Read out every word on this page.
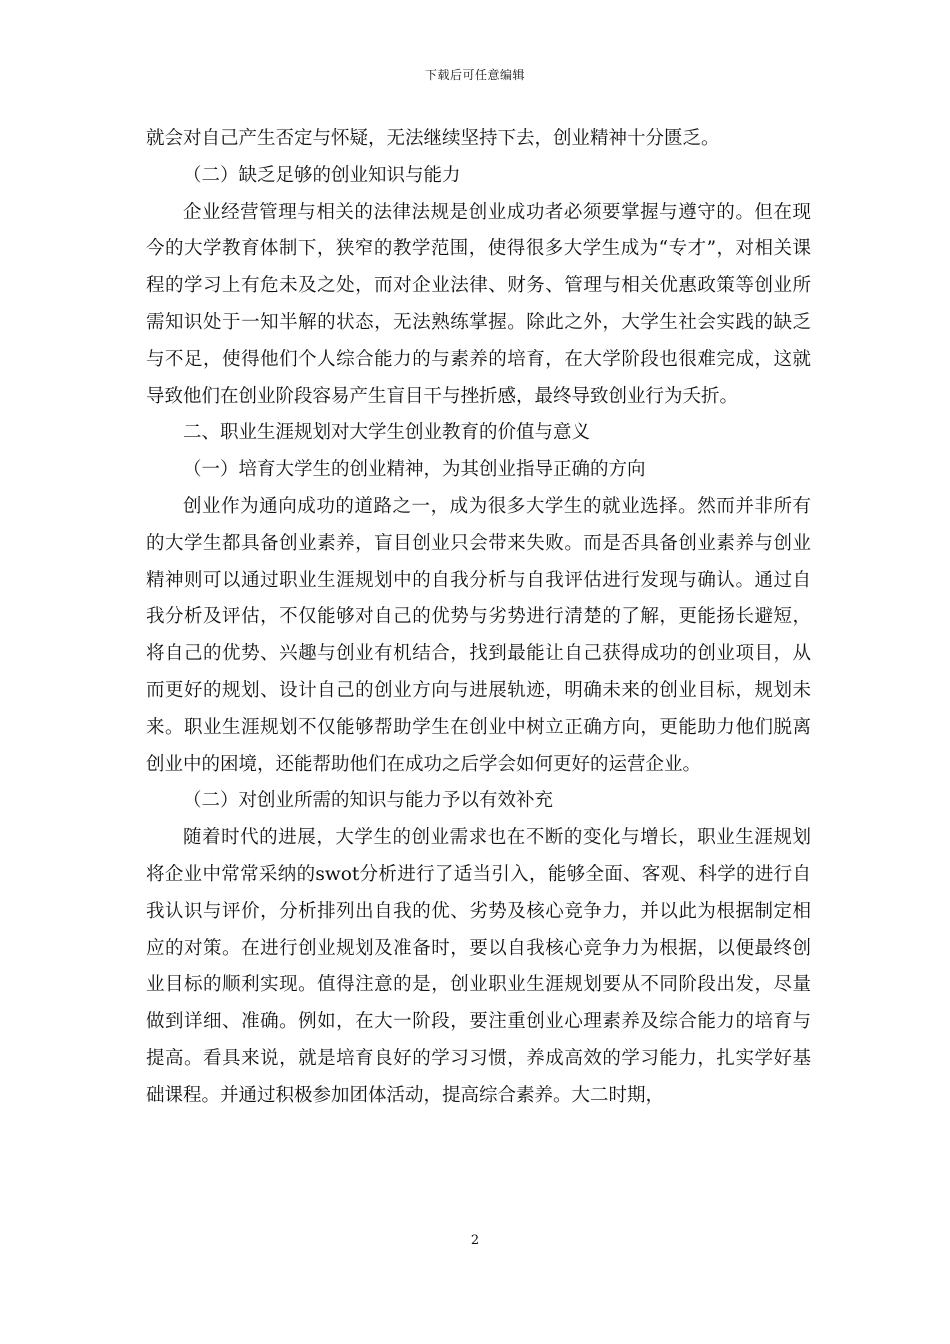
下载后可任意编辑

就会对自己产生否定与怀疑，无法继续坚持下去，创业精神十分匮乏。

（二）缺乏足够的创业知识与能力

企业经营管理与相关的法律法规是创业成功者必须要掌握与遵守的。但在现今的大学教育体制下，狭窄的教学范围，使得很多大学生成为“专才”，对相关课程的学习上有危未及之处，而对企业法律、财务、管理与相关优惠政策等创业所需知识处于一知半解的状态，无法熟练掌握。除此之外，大学生社会实践的缺乏与不足，使得他们个人综合能力的与素养的培育，在大学阶段也很难完成，这就导致他们在创业阶段容易产生盲目干与挫折感，最终导致创业行为夭折。

二、职业生涯规划对大学生创业教育的价值与意义

（一）培育大学生的创业精神，为其创业指导正确的方向

创业作为通向成功的道路之一，成为很多大学生的就业选择。然而并非所有的大学生都具备创业素养，盲目创业只会带来失败。而是否具备创业素养与创业精神则可以通过职业生涯规划中的自我分析与自我评估进行发现与确认。通过自我分析及评估，不仅能够对自己的优势与劣势进行清楚的了解，更能扬长避短，将自己的优势、兴趣与创业有机结合，找到最能让自己获得成功的创业项目，从而更好的规划、设计自己的创业方向与进展轨迹，明确未来的创业目标，规划未来。职业生涯规划不仅能够帮助学生在创业中树立正确方向，更能助力他们脱离创业中的困境，还能帮助他们在成功之后学会如何更好的运营企业。

（二）对创业所需的知识与能力予以有效补充

随着时代的进展，大学生的创业需求也在不断的变化与增长，职业生涯规划将企业中常常采纳的swot分析进行了适当引入，能够全面、客观、科学的进行自我认识与评价，分析排列出自我的优、劣势及核心竞争力，并以此为根据制定相应的对策。在进行创业规划及准备时，要以自我核心竞争力为根据，以便最终创业目标的顺利实现。值得注意的是，创业职业生涯规划要从不同阶段出发，尽量做到详细、准确。例如，在大一阶段，要注重创业心理素养及综合能力的培育与提高。看具来说，就是培育良好的学习习惯，养成高效的学习能力，扎实学好基础课程。并通过积极参加团体活动，提高综合素养。大二时期，

2
